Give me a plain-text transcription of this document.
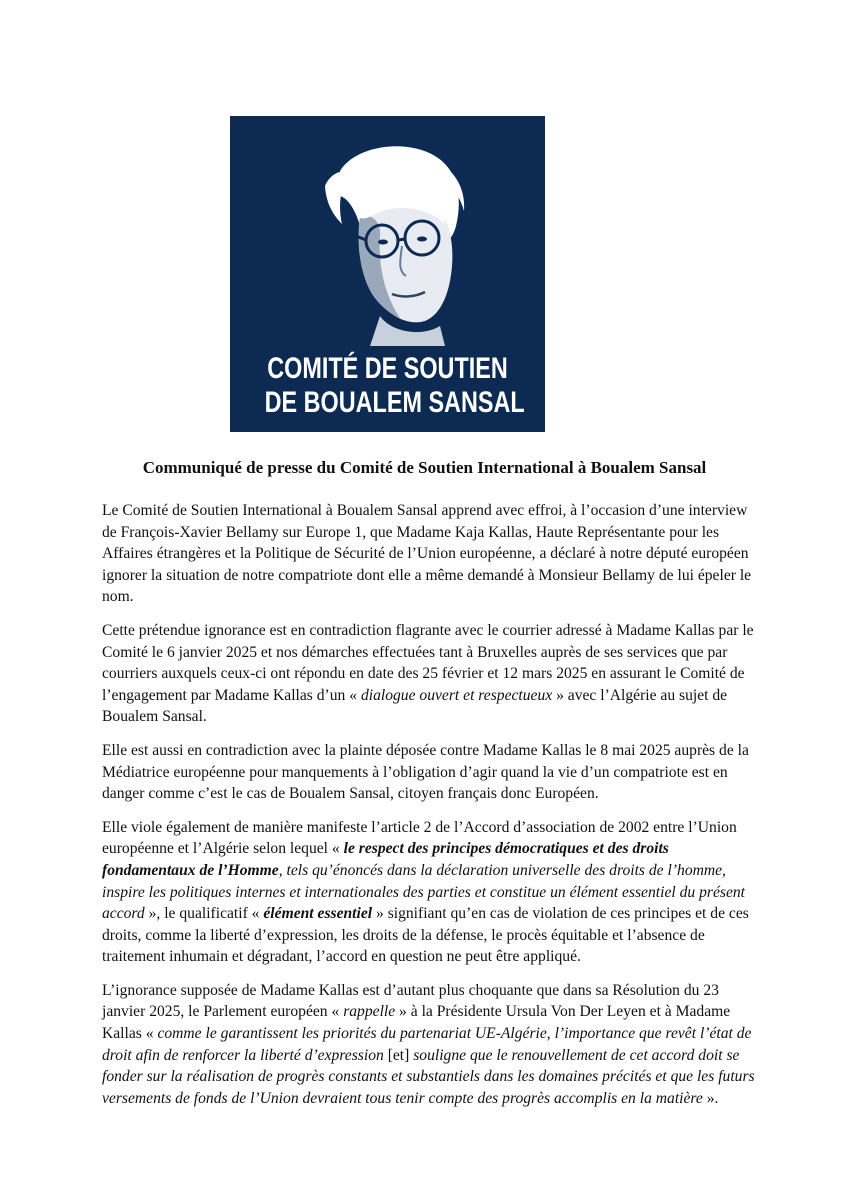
COMITÉ DE SOUTIEN
DE BOUALEM SANSAL
Communiqué de presse du Comité de Soutien International à Boualem Sansal

Le Comité de Soutien International à Boualem Sansal apprend avec effroi, à l’occasion d’une interview de François-Xavier Bellamy sur Europe 1, que Madame Kaja Kallas, Haute Représentante pour les Affaires étrangères et la Politique de Sécurité de l’Union européenne, a déclaré à notre député européen ignorer la situation de notre compatriote dont elle a même demandé à Monsieur Bellamy de lui épeler le nom.

Cette prétendue ignorance est en contradiction flagrante avec le courrier adressé à Madame Kallas par le Comité le 6 janvier 2025 et nos démarches effectuées tant à Bruxelles auprès de ses services que par courriers auxquels ceux-ci ont répondu en date des 25 février et 12 mars 2025 en assurant le Comité de l’engagement par Madame Kallas d’un « dialogue ouvert et respectueux » avec l’Algérie au sujet de Boualem Sansal.

Elle est aussi en contradiction avec la plainte déposée contre Madame Kallas le 8 mai 2025 auprès de la Médiatrice européenne pour manquements à l’obligation d’agir quand la vie d’un compatriote est en danger comme c’est le cas de Boualem Sansal, citoyen français donc Européen.

Elle viole également de manière manifeste l’article 2 de l’Accord d’association de 2002 entre l’Union européenne et l’Algérie selon lequel « le respect des principes démocratiques et des droits fondamentaux de l’Homme, tels qu’énoncés dans la déclaration universelle des droits de l’homme, inspire les politiques internes et internationales des parties et constitue un élément essentiel du présent accord », le qualificatif « élément essentiel » signifiant qu’en cas de violation de ces principes et de ces droits, comme la liberté d’expression, les droits de la défense, le procès équitable et l’absence de traitement inhumain et dégradant, l’accord en question ne peut être appliqué.

L’ignorance supposée de Madame Kallas est d’autant plus choquante que dans sa Résolution du 23 janvier 2025, le Parlement européen « rappelle » à la Présidente Ursula Von Der Leyen et à Madame Kallas « comme le garantissent les priorités du partenariat UE-Algérie, l’importance que revêt l’état de droit afin de renforcer la liberté d’expression [et] souligne que le renouvellement de cet accord doit se fonder sur la réalisation de progrès constants et substantiels dans les domaines précités et que les futurs versements de fonds de l’Union devraient tous tenir compte des progrès accomplis en la matière ».
